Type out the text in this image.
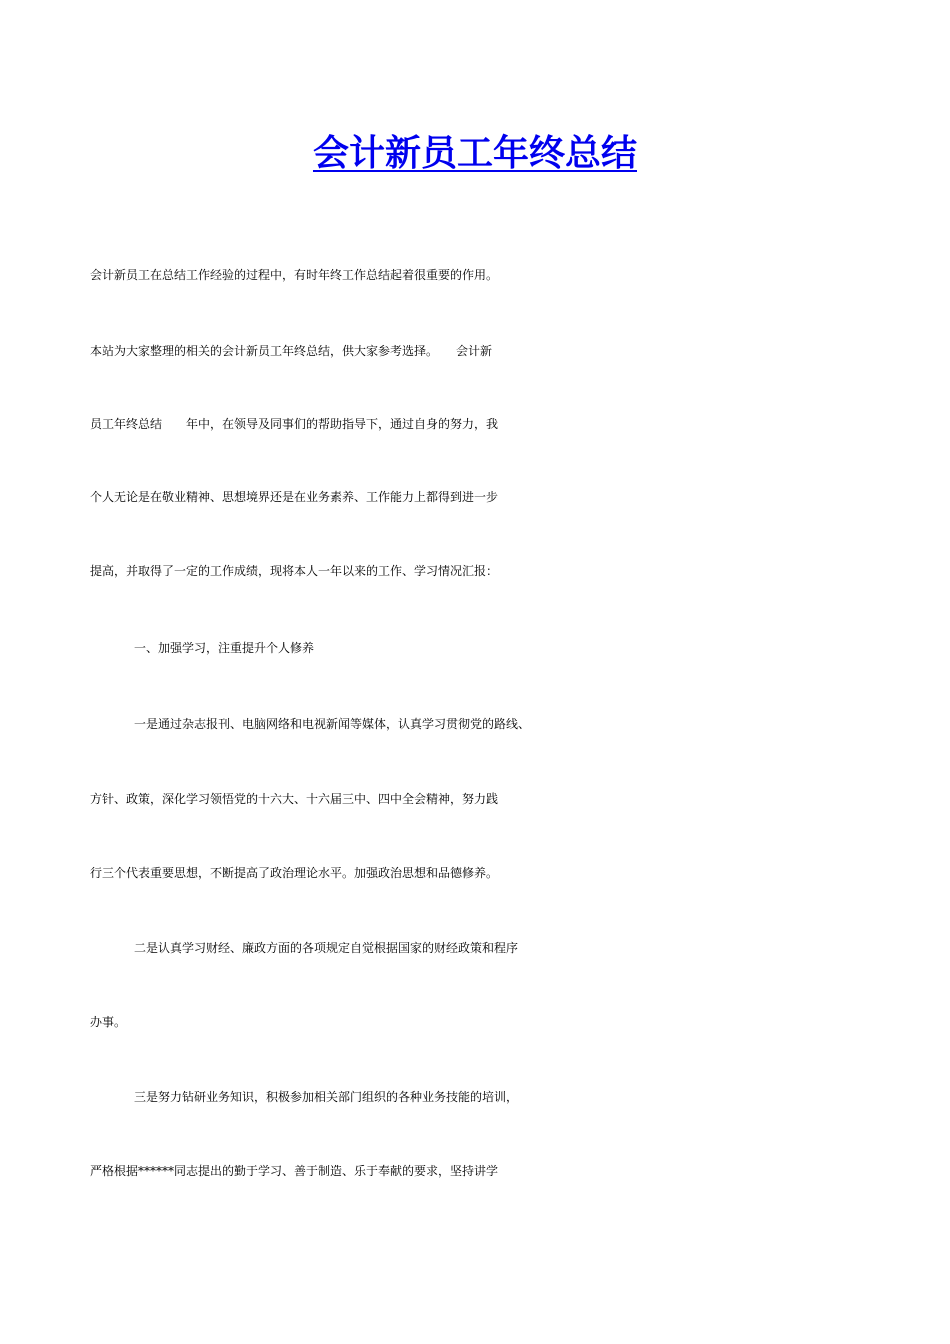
会计新员工年终总结
会计新员工在总结工作经验的过程中，有时年终工作总结起着很重要的作用。
本站为大家整理的相关的会计新员工年终总结，供大家参考选择。　　会计新
员工年终总结　　年中，在领导及同事们的帮助指导下，通过自身的努力，我
个人无论是在敬业精神、思想境界还是在业务素养、工作能力上都得到进一步
提高，并取得了一定的工作成绩，现将本人一年以来的工作、学习情况汇报：
一、加强学习，注重提升个人修养
一是通过杂志报刊、电脑网络和电视新闻等媒体，认真学习贯彻党的路线、
方针、政策，深化学习领悟党的十六大、十六届三中、四中全会精神，努力践
行三个代表重要思想，不断提高了政治理论水平。加强政治思想和品德修养。
二是认真学习财经、廉政方面的各项规定自觉根据国家的财经政策和程序
办事。
三是努力钻研业务知识，积极参加相关部门组织的各种业务技能的培训，
严格根据******同志提出的勤于学习、善于制造、乐于奉献的要求，坚持讲学
